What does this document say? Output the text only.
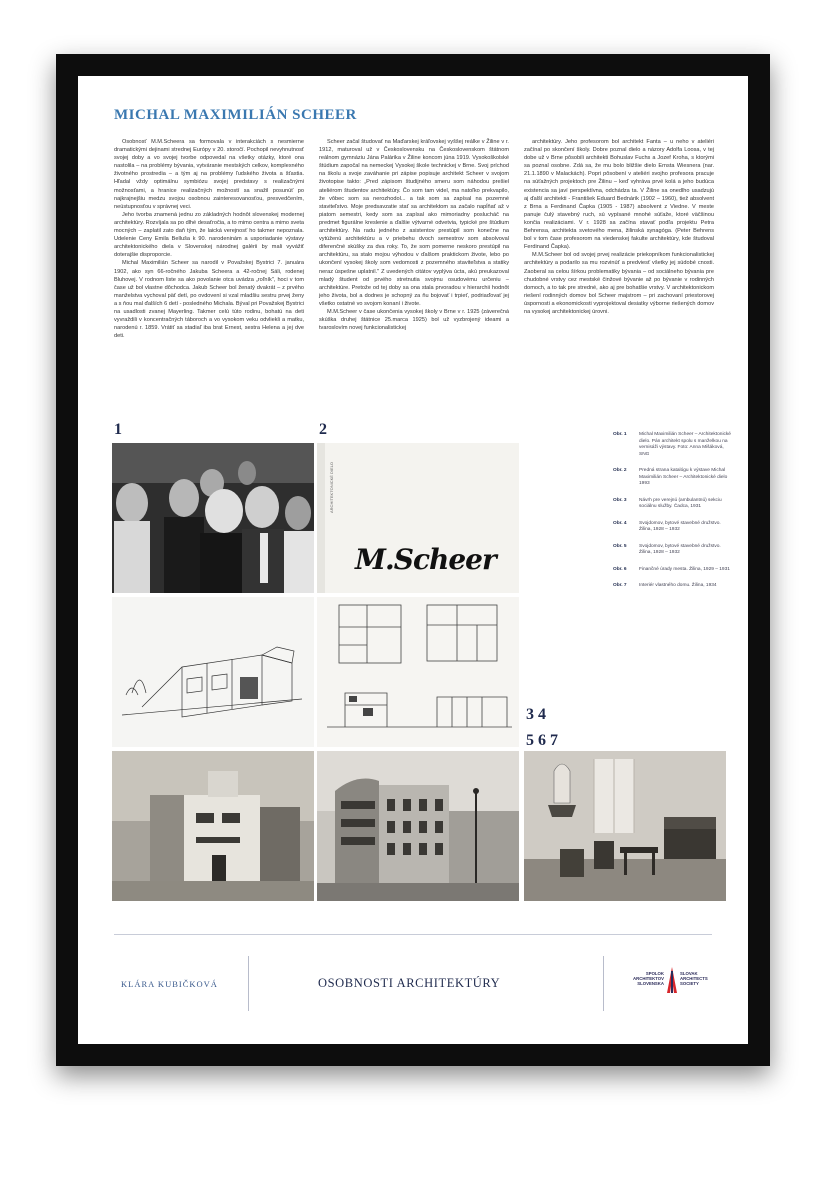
MICHAL MAXIMILIÁN SCHEER

Osobnosť M.M.Scheera sa formovala v interakciách s nesmierne dramatickými dejinami strednej Európy v 20. storočí. Pochopil nevyhnutnosť svojej doby a vo svojej tvorbe odpovedal na všetky otázky, ktoré ona nastolila – na problémy bývania, vytváranie mestských celkov, komplexného životného prostredia – a tým aj na problémy ľudského života a šťastia. Hľadal vždy optimálnu symbiózu svojej predstavy s realizačnými možnosťami, a hranice realizačných možností sa snažil posunúť po najkrajnejšiu medzu svojou osobnou zainteresovanosťou, presvedčením, neústupnosťou v správnej veci.

Jeho tvorba znamená jednu zo základných hodnôt slovenskej modernej architektúry. Rozvíjala sa po dlhé desaťročia, a to mimo centra a mimo sveta mocných – zaplatil zato daň tým, že laická verejnosť ho takmer nepoznala. Udelenie Ceny Emila Belluša k 90. narodeninám a usporiadanie výstavy architektonického diela v Slovenskej národnej galérii by mali vyvážiť doterajšie disproporcie.

Michal Maximilián Scheer sa narodil v Považskej Bystrici 7. januára 1902, ako syn 66-ročného Jakuba Scheera a 42-ročnej Sáli, rodenej Bluhovej. V rodnom liste sa ako povolanie otca uvádza „roľník", hoci v tom čase už bol vlastne dôchodca. Jakub Scheer bol ženatý dvakrát – z prvého manželstva vychoval päť detí, po ovdovení si vzal mladšiu sestru prvej ženy a s ňou mal ďalších 6 detí - posledného Michala. Býval pri Považskej Bystrici na usadlosti zvanej Mayerling. Takmer celú túto rodinu, bohatú na deti vyvraždili v koncentračných táboroch a vo vysokom veku odvliekli a matku, narodenú r. 1859. Vrátiť sa stadiaľ iba brat Ernest, sestra Helena a jej dve deti.

Scheer začal študovať na Maďarskej kráľovskej vyššej reálke v Žiline v r. 1912, maturoval už v Československu na Československom štátnom reálnom gymnáziu Jána Palárika v Žiline koncom júna 1919. Vysokoškolské štúdium započal na nemeckej Vysokej škole technickej v Brne. Svoj príchod na školu a svoje zaváhanie pri zápise popisuje architekt Scheer v svojom životopise takto: „Pred zápisom študijného smeru som náhodou prešiel ateliérom študentov architektúry. Čo som tam videl, ma natoľko prekvapilo, že vôbec som sa nerozhodol... a tak som sa zapísal na pozemné staviteľstvo. Moje predsavzatie stať sa architektom sa začalo napĺňať až v piatom semestri, kedy som sa zapísal ako mimoriadny poslucháč na predmet figurálne kreslenie a ďalšie výtvarné odvetvia, typické pre štúdium architektúry. Na radu jedného z asistentov prestúpil som konečne na vytúženú architektúru a v priebehu dvoch semestrov som absolvoval diferenčné skúšky za dva roky. To, že som pomerne neskoro prestúpil na architektúru, sa stalo mojou výhodou v ďalšom praktickom živote, lebo po ukončení vysokej školy som vedomosti z pozemného staviteľstva a statiky neraz úspešne uplatnil." Z uvedených citátov vyplýva úcta, akú preukazoval mladý študent od prvého stretnutia svojmu osudovému určeniu – architektúre. Pretože od tej doby sa ona stala prvoradou v hierarchii hodnôt jeho života, bol a dodnes je schopný za ňu bojovať i trpieť, podriaďovať jej všetko ostatné vo svojom konaní i živote.

M.M.Scheer v čase ukončenia vysokej školy v Brne v r. 1925 (záverečná skúška druhej štátnice 25.marca 1925) bol už vyzbrojený ideami a tvaroslovím novej funkcionalistickej

architektúry. Jeho profesorom bol architekt Fanta – u neho v ateliéri začínal po skončení školy. Dobre poznal dielo a názory Adolfa Loosa, v tej dobe už v Brne pôsobili architekti Bohuslav Fuchs a Jozef Kroha, s ktorými sa poznal osobne. Zdá sa, že mu bolo bližšie dielo Ernsta Wiesnera (nar. 21.1.1890 v Malackách). Popri pôsobení v ateliéri svojho profesora pracuje na súťažných projektoch pre Žilinu – keď vyhráva prvé kolá a jeho budúca existencia sa javí perspektívna, odchádza ta. V Žiline sa onedlho usadzujú aj ďalší architekti - František Eduard Bednárik (1902 – 1960), tiež absolvent z Brna a Ferdinand Čapka (1905 - 1987) absolvent z Viedne. V meste panuje čulý stavebný ruch, sú vypísané mnohé súťaže, ktoré väčšinou končia realizáciami. V r. 1928 sa začína stavať podľa projektu Petra Behrensa, architekta svetového mena, žilinská synagóga. (Peter Behrens bol v tom čase profesorom na viedenskej fakulte architektúry, kde študoval Ferdinand Čapka).

M.M.Scheer bol od svojej prvej realizácie priekopníkom funkcionalistickej architektúry a podarilo sa mu rozvinúť a predviesť všetky jej súdobé cnosti. Zaoberal sa celou šírkou problematiky bývania – od sociálneho bývania pre chudobné vrstvy cez mestské činžové bývanie až po bývanie v rodinných domoch, a to tak pre stredné, ako aj pre bohatšie vrstvy. V architektonickom riešení rodinných domov bol Scheer majstrom – pri zachovaní priestorovej úspornosti a ekonomickosti vyprojektoval desiatky výborne riešených domov na vysokej architektonickej úrovni.

1	2
3 4
5 6 7
ARCHITEKTONICKÉ DIELO
M.Scheer
Obr. 1	Michal Maximilián Scheer – Architektonické dielo. Pán architekt spolu s manželkou na vernisáži výstavy. Foto: Anna Mišáková, SNG
Obr. 2	Predná strana katalógu k výstave Michal Maximilián Scheer – Architektonické dielo 1993
Obr. 3	Návrh pre verejnú (ambulantnú) sekciu sociálnu služby. Čadca, 1931
Obr. 4	Svojdomov, bytové stavebné družstvo. Žilina, 1928 – 1932
Obr. 5	Svojdomov, bytové stavebné družstvo. Žilina, 1928 – 1932
Obr. 6	Finančné úrady mesta. Žilina, 1929 – 1931
Obr. 7	Interiér vlastného domu. Žilina, 1934

KLÁRA KUBIČKOVÁ	OSOBNOSTI ARCHITEKTÚRY

SPOLOK
ARCHITEKTOV
SLOVENSKA
SLOVAK
ARCHITECTS
SOCIETY
